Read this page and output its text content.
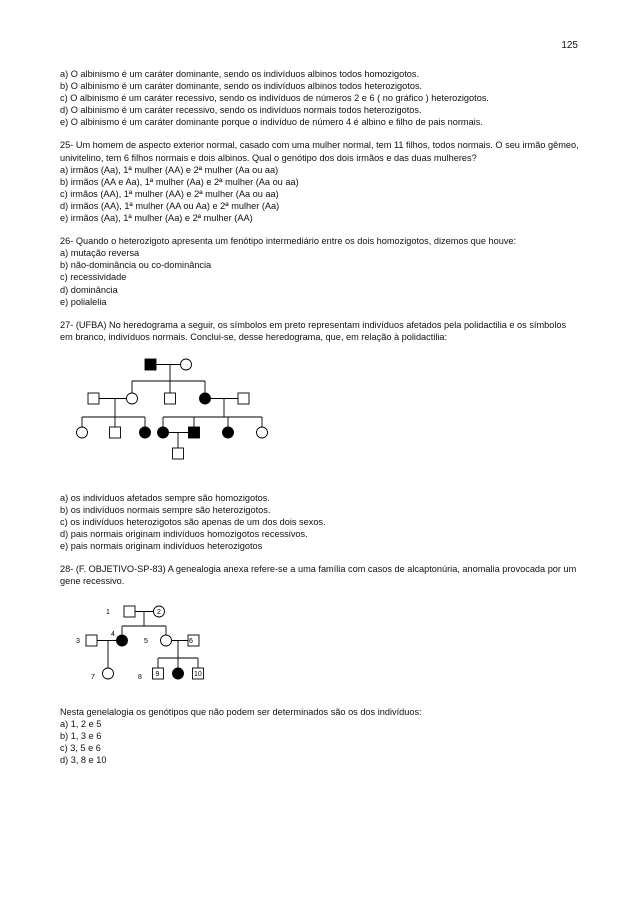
125
a) O albinismo é um caráter dominante, sendo os indivíduos albinos todos homozigotos.
b) O albinismo é um caráter dominante, sendo os indivíduos albinos todos heterozigotos.
c) O albinismo é um caráter recessivo, sendo os indivíduos de números 2 e 6 ( no gráfico ) heterozigotos.
d) O albinismo é um caráter recessivo, sendo os indivíduos normais todos heterozigotos.
e) O albinismo é um caráter dominante porque o indivíduo de número 4 é albino e filho de pais normais.
25- Um homem de aspecto exterior normal, casado com uma mulher normal, tem 11 filhos, todos normais. O seu irmão gêmeo, univitelino, tem 6 filhos normais e dois albinos. Qual o genótipo dos dois irmãos e das duas mulheres?
a) irmãos (Aa), 1ª mulher (AA) e 2ª mulher (Aa ou aa)
b) irmãos (AA e Aa), 1ª mulher (Aa) e 2ª mulher (Aa ou aa)
c) irmãos (AA), 1ª mulher (AA) e 2ª mulher (Aa ou aa)
d) irmãos (AA), 1ª mulher (AA ou Aa) e 2ª mulher (Aa)
e) irmãos (Aa), 1ª mulher (Aa) e 2ª mulher (AA)
26- Quando o heterozigoto apresenta um fenótipo intermediário entre os dois homozigotos, dizemos que houve:
a) mutação reversa
b) não-dominância ou co-dominância
c) recessividade
d) dominância
e) polialelia
27- (UFBA) No heredograma a seguir, os símbolos em preto representam indivíduos afetados pela polidactilia e os símbolos em branco, indivíduos normais. Conclui-se, desse heredograma, que, em relação à polidactilia:
a) os indivíduos afetados sempre são homozigotos.
b) os indivíduos normais sempre são heterozigotos.
c) os indivíduos heterozigotos são apenas de um dos dois sexos.
d) pais normais originam indivíduos homozigotos recessivos.
e) pais normais originam indivíduos heterozigotos
28- (F. OBJETIVO-SP-83) A genealogia anexa refere-se a uma família com casos de alcaptonúria, anomalia provocada por um gene recessivo.
1	2
3
4
5	6
7	8 9	10
Nesta genelalogia os genótipos que não podem ser determinados são os dos indivíduos:
a) 1, 2 e 5
b) 1, 3 e 6
c) 3, 5 e 6
d) 3, 8 e 10
